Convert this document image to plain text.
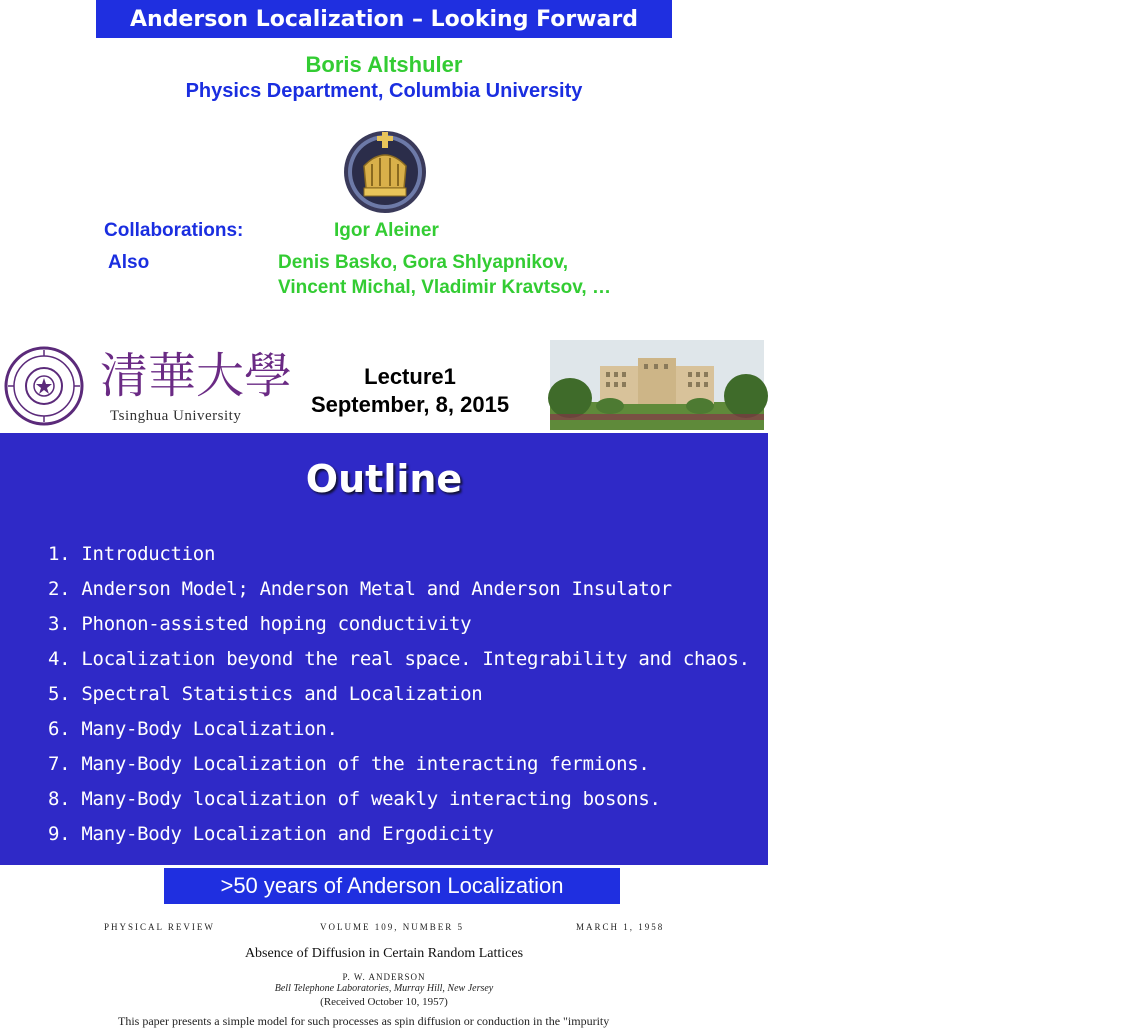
Anderson Localization – Looking Forward
Boris Altshuler
Physics Department, Columbia University
Collaborations:	Igor Aleiner
Also	Denis Basko, Gora Shlyapnikov,
Vincent Michal, Vladimir Kravtsov, …
清華大學
Tsinghua University
Lecture1
September, 8, 2015
Outline
1. Introduction
2. Anderson Model; Anderson Metal and Anderson Insulator
3. Phonon-assisted hoping conductivity
4. Localization beyond the real space. Integrability and chaos.
5. Spectral Statistics and Localization
6. Many-Body Localization.
7. Many-Body Localization of the interacting fermions.
8. Many-Body localization of weakly interacting bosons.
9. Many-Body Localization and Ergodicity
>50 years of Anderson Localization
PHYSICAL REVIEW	VOLUME 109, NUMBER 5	MARCH 1, 1958
Absence of Diffusion in Certain Random Lattices
P. W. ANDERSON
Bell Telephone Laboratories, Murray Hill, New Jersey
(Received October 10, 1957)
This paper presents a simple model for such processes as spin diffusion or conduction in the "impurity
